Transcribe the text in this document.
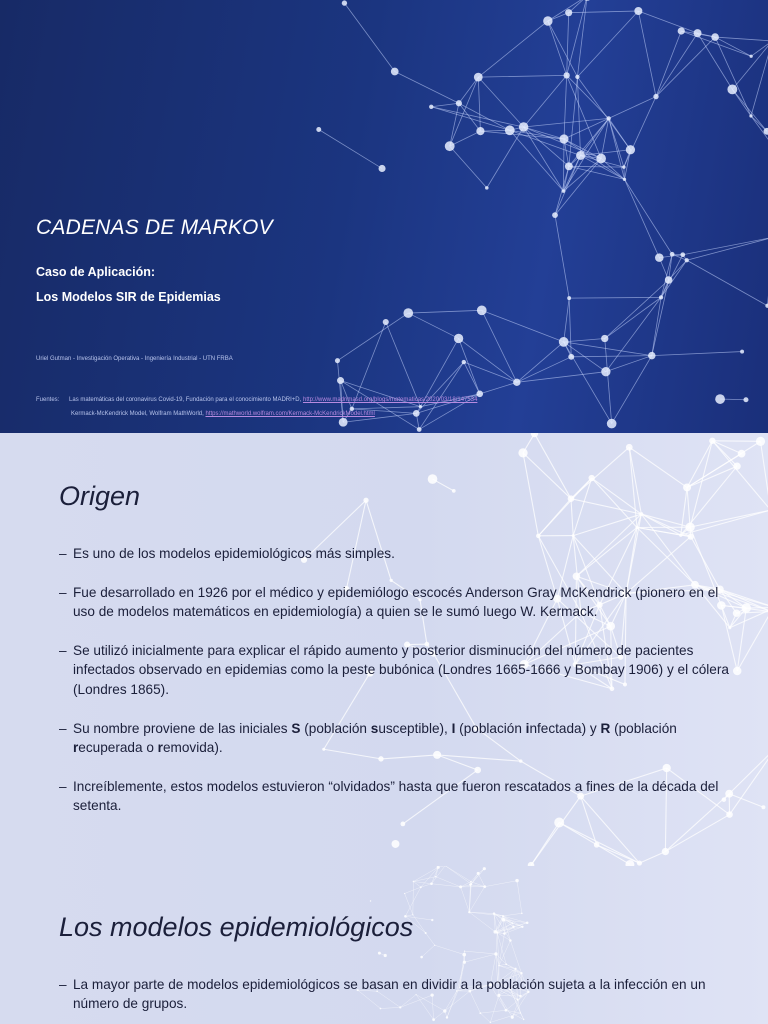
CADENAS DE MARKOV
Caso de Aplicación:
Los Modelos SIR de Epidemias
Uriel Gutman - Investigación Operativa - Ingeniería Industrial - UTN FRBA
Fuentes: Las matemáticas del coronavirus Covid-19, Fundación para el conocimiento MADRI+D, http://www.madrimasd.org/blogs/matematicas/2020/03/18/147534
Kermack-McKendrick Model, Wolfram MathWorld, https://mathworld.wolfram.com/Kermack-McKendrickModel.html
Origen
– Es uno de los modelos epidemiológicos más simples.
– Fue desarrollado en 1926 por el médico y epidemiólogo escocés Anderson Gray McKendrick (pionero en el uso de modelos matemáticos en epidemiología) a quien se le sumó luego W. Kermack.
– Se utilizó inicialmente para explicar el rápido aumento y posterior disminución del número de pacientes infectados observado en epidemias como la peste bubónica (Londres 1665-1666 y Bombay 1906) y el cólera (Londres 1865).
– Su nombre proviene de las iniciales S (población susceptible), I (población infectada) y R (población recuperada o removida).
– Increíblemente, estos modelos estuvieron “olvidados” hasta que fueron rescatados a fines de la década del setenta.
Los modelos epidemiológicos
– La mayor parte de modelos epidemiológicos se basan en dividir a la población sujeta a la infección en un número de grupos.
